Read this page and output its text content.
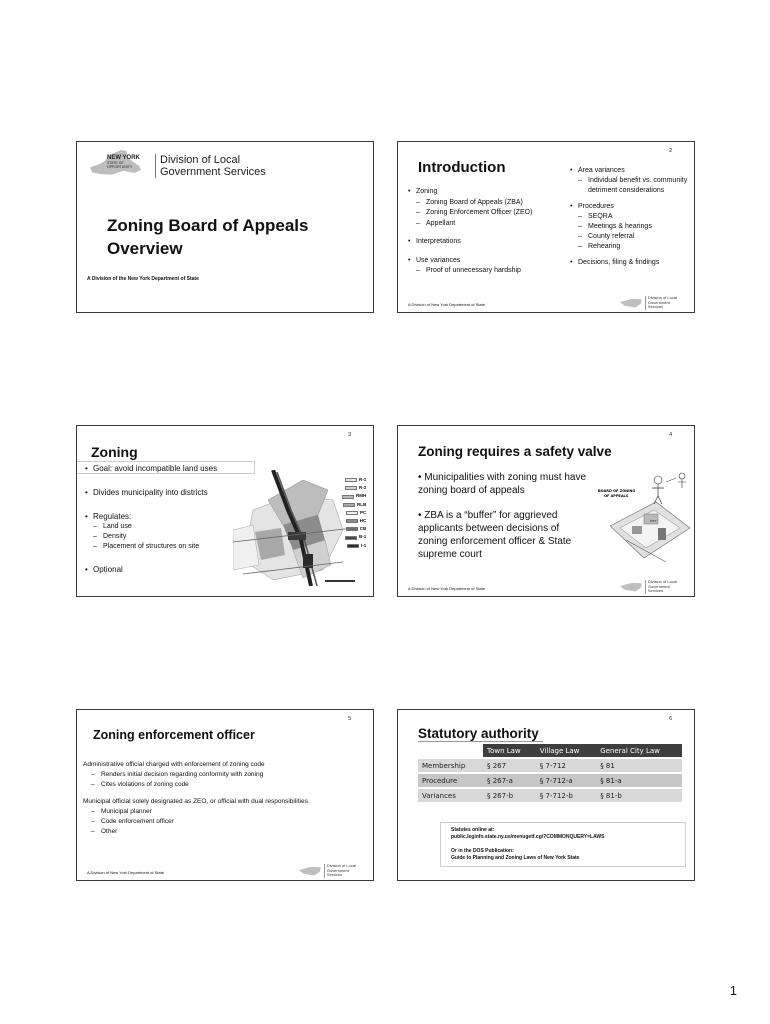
NEW YORK
STATE OF
OPPORTUNITY
Division of Local
Government Services
Zoning Board of Appeals
Overview
A Division of the New York Department of State
2
Introduction
• Zoning
– Zoning Board of Appeals (ZBA)
– Zoning Enforcement Officer (ZEO)
– Appellant
• Interpretations
• Use variances
– Proof of unnecessary hardship
• Area variances
– Individual benefit vs. community detriment considerations
• Procedures
– SEQRA
– Meetings & hearings
– County referral
– Rehearing
• Decisions, filing & findings
A Division of New York Department of State
Division of Local
Government Services
3
Zoning
• Goal: avoid incompatible land uses
• Divides municipality into districts
• Regulates:
– Land use
– Density
– Placement of structures on site
• Optional
R-1
R-2
RMH
RLB
PC
HC
CB
B-1
I-1
4
Zoning requires a safety valve
• Municipalities with zoning must have zoning board of appeals
• ZBA is a “buffer” for aggrieved applicants between decisions of zoning enforcement officer & State supreme court
BOARD OF ZONING
OF APPEALS
CITY
A Division of New York Department of State
Division of Local
Government Services
5
Zoning enforcement officer
Administrative official charged with enforcement of zoning code
– Renders initial decision regarding conformity with zoning
– Cites violations of zoning code
Municipal official solely designated as ZEO, or official with dual responsibilities
– Municipal planner
– Code enforcement officer
– Other
A Division of New York Department of State
Division of Local
Government Services
6
Statutory authority
	Town Law	Village Law	General City Law
Membership	§ 267	§ 7-712	§ 81
Procedure	§ 267-a	§ 7-712-a	§ 81-a
Variances	§ 267-b	§ 7-712-b	§ 81-b
Statutes online at:
public.leginfo.state.ny.us/menugetf.cgi?COMMONQUERY=LAWS
Or in the DOS Publication:
Guide to Planning and Zoning Laws of New York State
1
